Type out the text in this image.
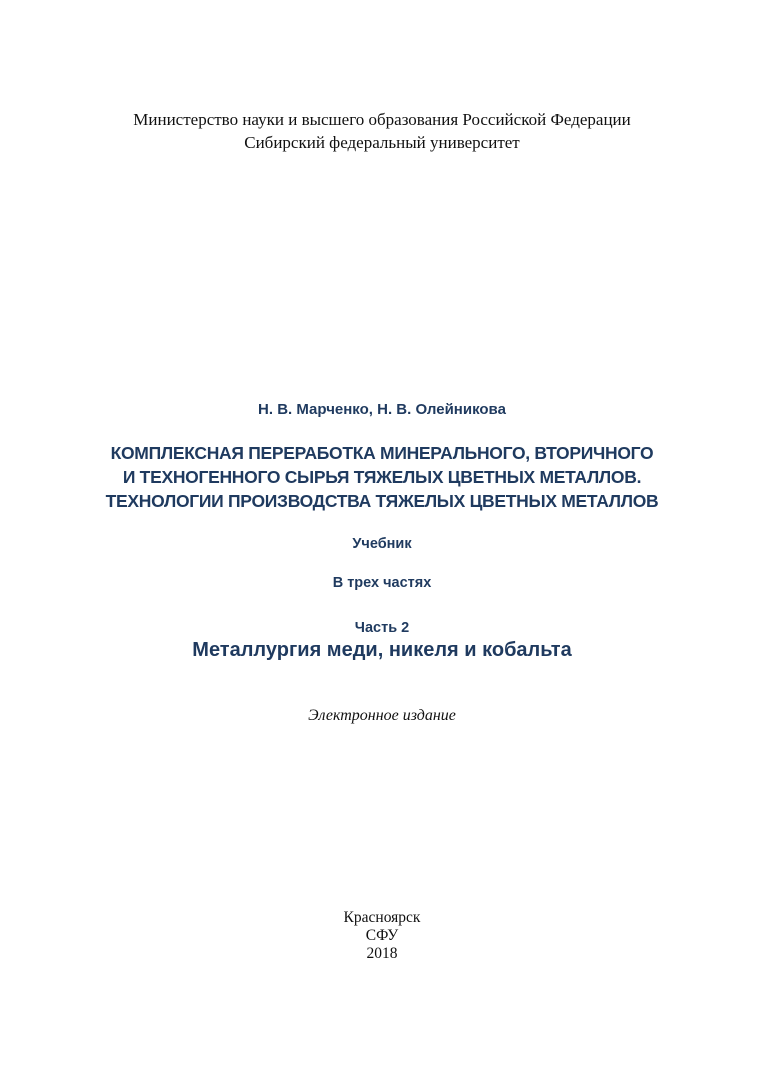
Министерство науки и высшего образования Российской Федерации

Сибирский федеральный университет

Н. В. Марченко, Н. В. Олейникова

КОМПЛЕКСНАЯ ПЕРЕРАБОТКА МИНЕРАЛЬНОГО, ВТОРИЧНОГО

И ТЕХНОГЕННОГО СЫРЬЯ ТЯЖЕЛЫХ ЦВЕТНЫХ МЕТАЛЛОВ.

ТЕХНОЛОГИИ ПРОИЗВОДСТВА ТЯЖЕЛЫХ ЦВЕТНЫХ МЕТАЛЛОВ

Учебник

В трех частях

Часть 2

Металлургия меди, никеля и кобальта

Электронное издание

Красноярск

СФУ

2018
